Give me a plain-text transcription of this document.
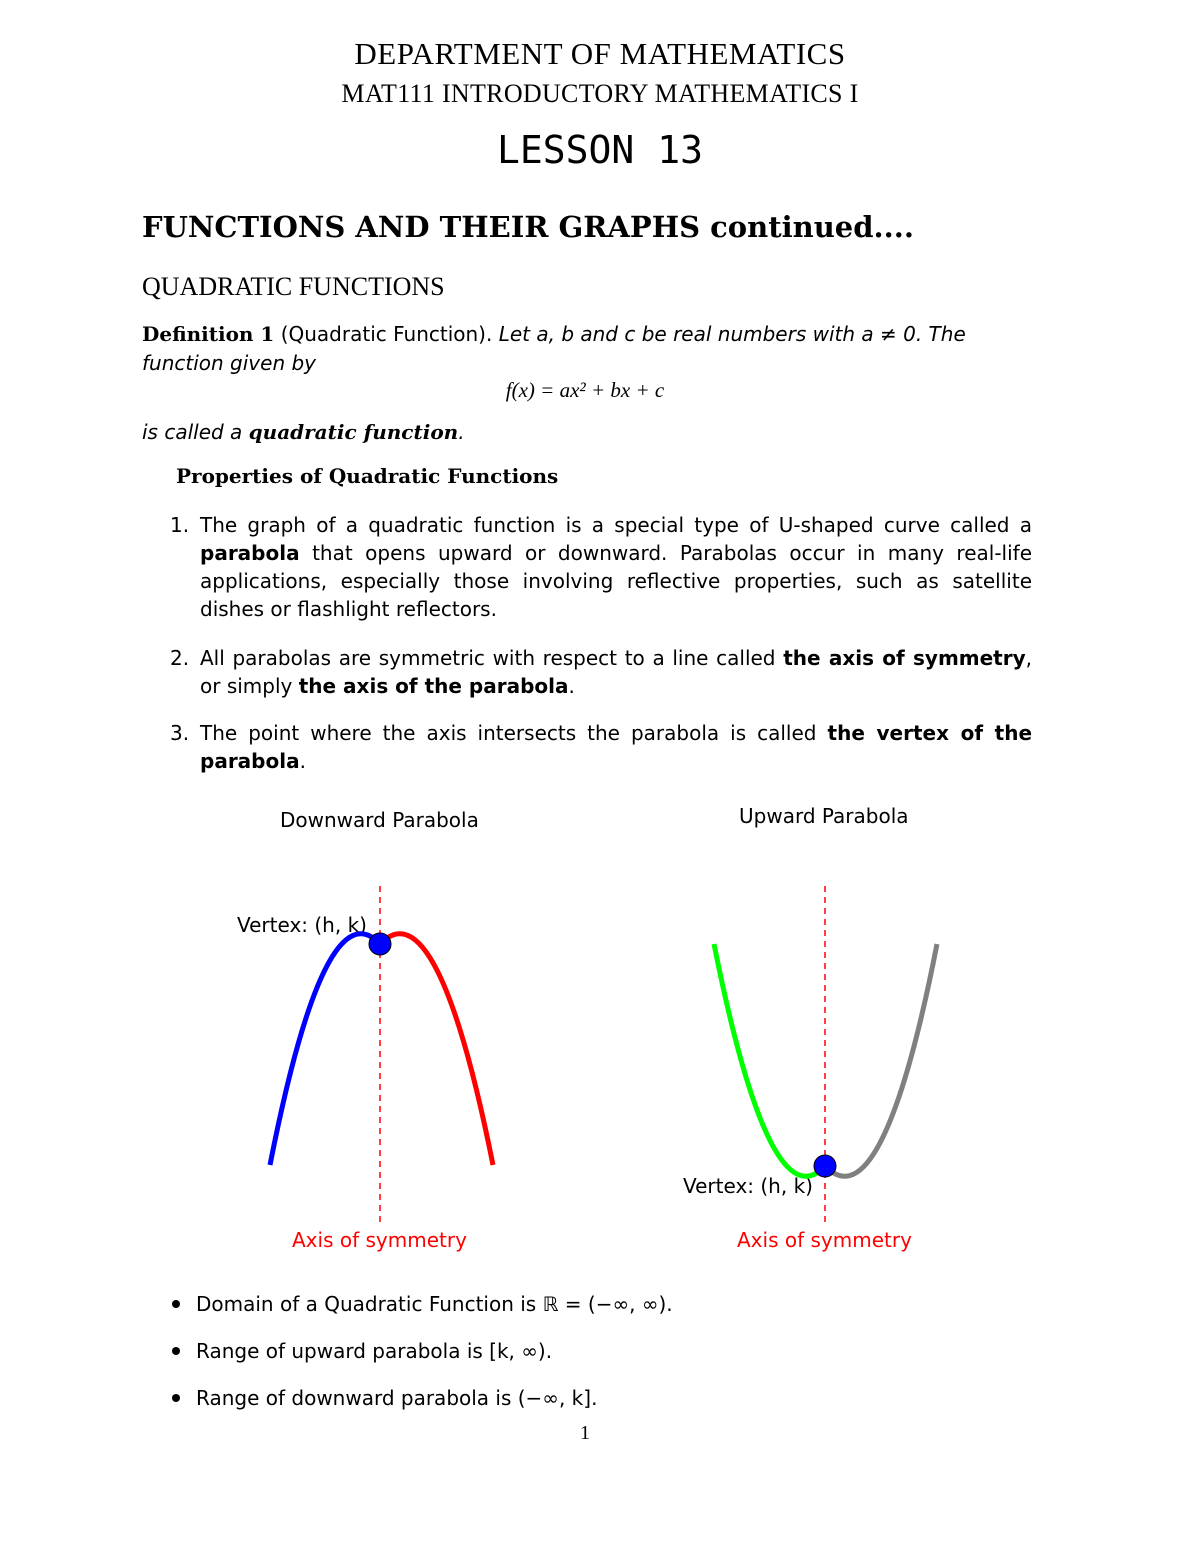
DEPARTMENT OF MATHEMATICS
MAT111 INTRODUCTORY MATHEMATICS I
LESSON 13
FUNCTIONS AND THEIR GRAPHS continued....
QUADRATIC FUNCTIONS
Definition 1 (Quadratic Function). Let a, b and c be real numbers with a ≠ 0. The
function given by
f(x) = ax² + bx + c
is called a quadratic function.
Properties of Quadratic Functions
1. The graph of a quadratic function is a special type of U-shaped curve called a parabola that opens upward or downward. Parabolas occur in many real-life applications, especially those involving reflective properties, such as satellite dishes or flashlight reflectors.
2. All parabolas are symmetric with respect to a line called the axis of symmetry, or simply the axis of the parabola.
3. The point where the axis intersects the parabola is called the vertex of the parabola.
Downward Parabola	Upward Parabola
Vertex: (h, k)
Vertex: (h, k)
Axis of symmetry	Axis of symmetry
Domain of a Quadratic Function is ℝ = (−∞, ∞).
Range of upward parabola is [k, ∞).
Range of downward parabola is (−∞, k].
1
